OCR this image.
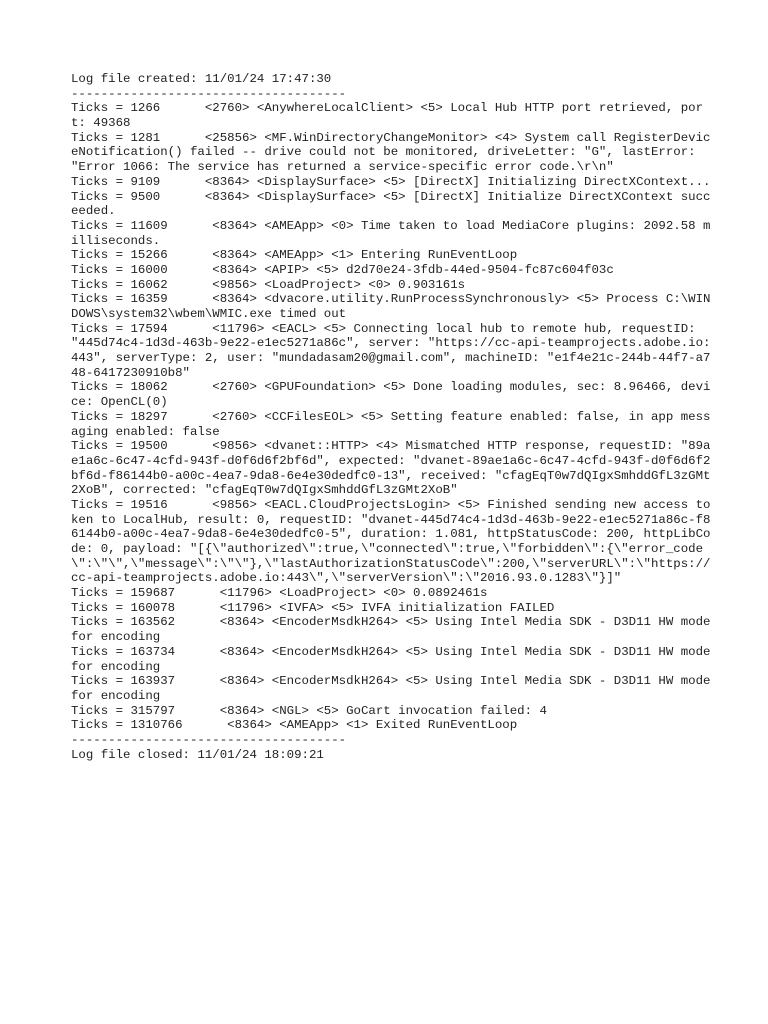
Log file created: 11/01/24 17:47:30
-------------------------------------
Ticks = 1266      <2760> <AnywhereLocalClient> <5> Local Hub HTTP port retrieved, port: 49368
Ticks = 1281      <25856> <MF.WinDirectoryChangeMonitor> <4> System call RegisterDeviceNotification() failed -- drive could not be monitored, driveLetter: "G", lastError: "Error 1066: The service has returned a service-specific error code.\r\n"
Ticks = 9109      <8364> <DisplaySurface> <5> [DirectX] Initializing DirectXContext...
Ticks = 9500      <8364> <DisplaySurface> <5> [DirectX] Initialize DirectXContext succeeded.
Ticks = 11609      <8364> <AMEApp> <0> Time taken to load MediaCore plugins: 2092.58 milliseconds.
Ticks = 15266      <8364> <AMEApp> <1> Entering RunEventLoop
Ticks = 16000      <8364> <APIP> <5> d2d70e24-3fdb-44ed-9504-fc87c604f03c
Ticks = 16062      <9856> <LoadProject> <0> 0.903161s
Ticks = 16359      <8364> <dvacore.utility.RunProcessSynchronously> <5> Process C:\WINDOWS\system32\wbem\WMIC.exe timed out
Ticks = 17594      <11796> <EACL> <5> Connecting local hub to remote hub, requestID: "445d74c4-1d3d-463b-9e22-e1ec5271a86c", server: "https://cc-api-teamprojects.adobe.io:443", serverType: 2, user: "mundadasam20@gmail.com", machineID: "e1f4e21c-244b-44f7-a748-6417230910b8"
Ticks = 18062      <2760> <GPUFoundation> <5> Done loading modules, sec: 8.96466, device: OpenCL(0)
Ticks = 18297      <2760> <CCFilesEOL> <5> Setting feature enabled: false, in app messaging enabled: false
Ticks = 19500      <9856> <dvanet::HTTP> <4> Mismatched HTTP response, requestID: "89ae1a6c-6c47-4cfd-943f-d0f6d6f2bf6d", expected: "dvanet-89ae1a6c-6c47-4cfd-943f-d0f6d6f2bf6d-f86144b0-a00c-4ea7-9da8-6e4e30dedfc0-13", received: "cfagEqT0w7dQIgxSmhddGfL3zGMt2XoB", corrected: "cfagEqT0w7dQIgxSmhddGfL3zGMt2XoB"
Ticks = 19516      <9856> <EACL.CloudProjectsLogin> <5> Finished sending new access token to LocalHub, result: 0, requestID: "dvanet-445d74c4-1d3d-463b-9e22-e1ec5271a86c-f86144b0-a00c-4ea7-9da8-6e4e30dedfc0-5", duration: 1.081, httpStatusCode: 200, httpLibCode: 0, payload: "[{\"authorized\":true,\"connected\":true,\"forbidden\":{\"error_code\":\"\",\"message\":\"\"},\"lastAuthorizationStatusCode\":200,\"serverURL\":\"https://cc-api-teamprojects.adobe.io:443\",\"serverVersion\":\"2016.93.0.1283\"}]"
Ticks = 159687      <11796> <LoadProject> <0> 0.0892461s
Ticks = 160078      <11796> <IVFA> <5> IVFA initialization FAILED
Ticks = 163562      <8364> <EncoderMsdkH264> <5> Using Intel Media SDK - D3D11 HW mode for encoding
Ticks = 163734      <8364> <EncoderMsdkH264> <5> Using Intel Media SDK - D3D11 HW mode for encoding
Ticks = 163937      <8364> <EncoderMsdkH264> <5> Using Intel Media SDK - D3D11 HW mode for encoding
Ticks = 315797      <8364> <NGL> <5> GoCart invocation failed: 4
Ticks = 1310766      <8364> <AMEApp> <1> Exited RunEventLoop
-------------------------------------
Log file closed: 11/01/24 18:09:21
